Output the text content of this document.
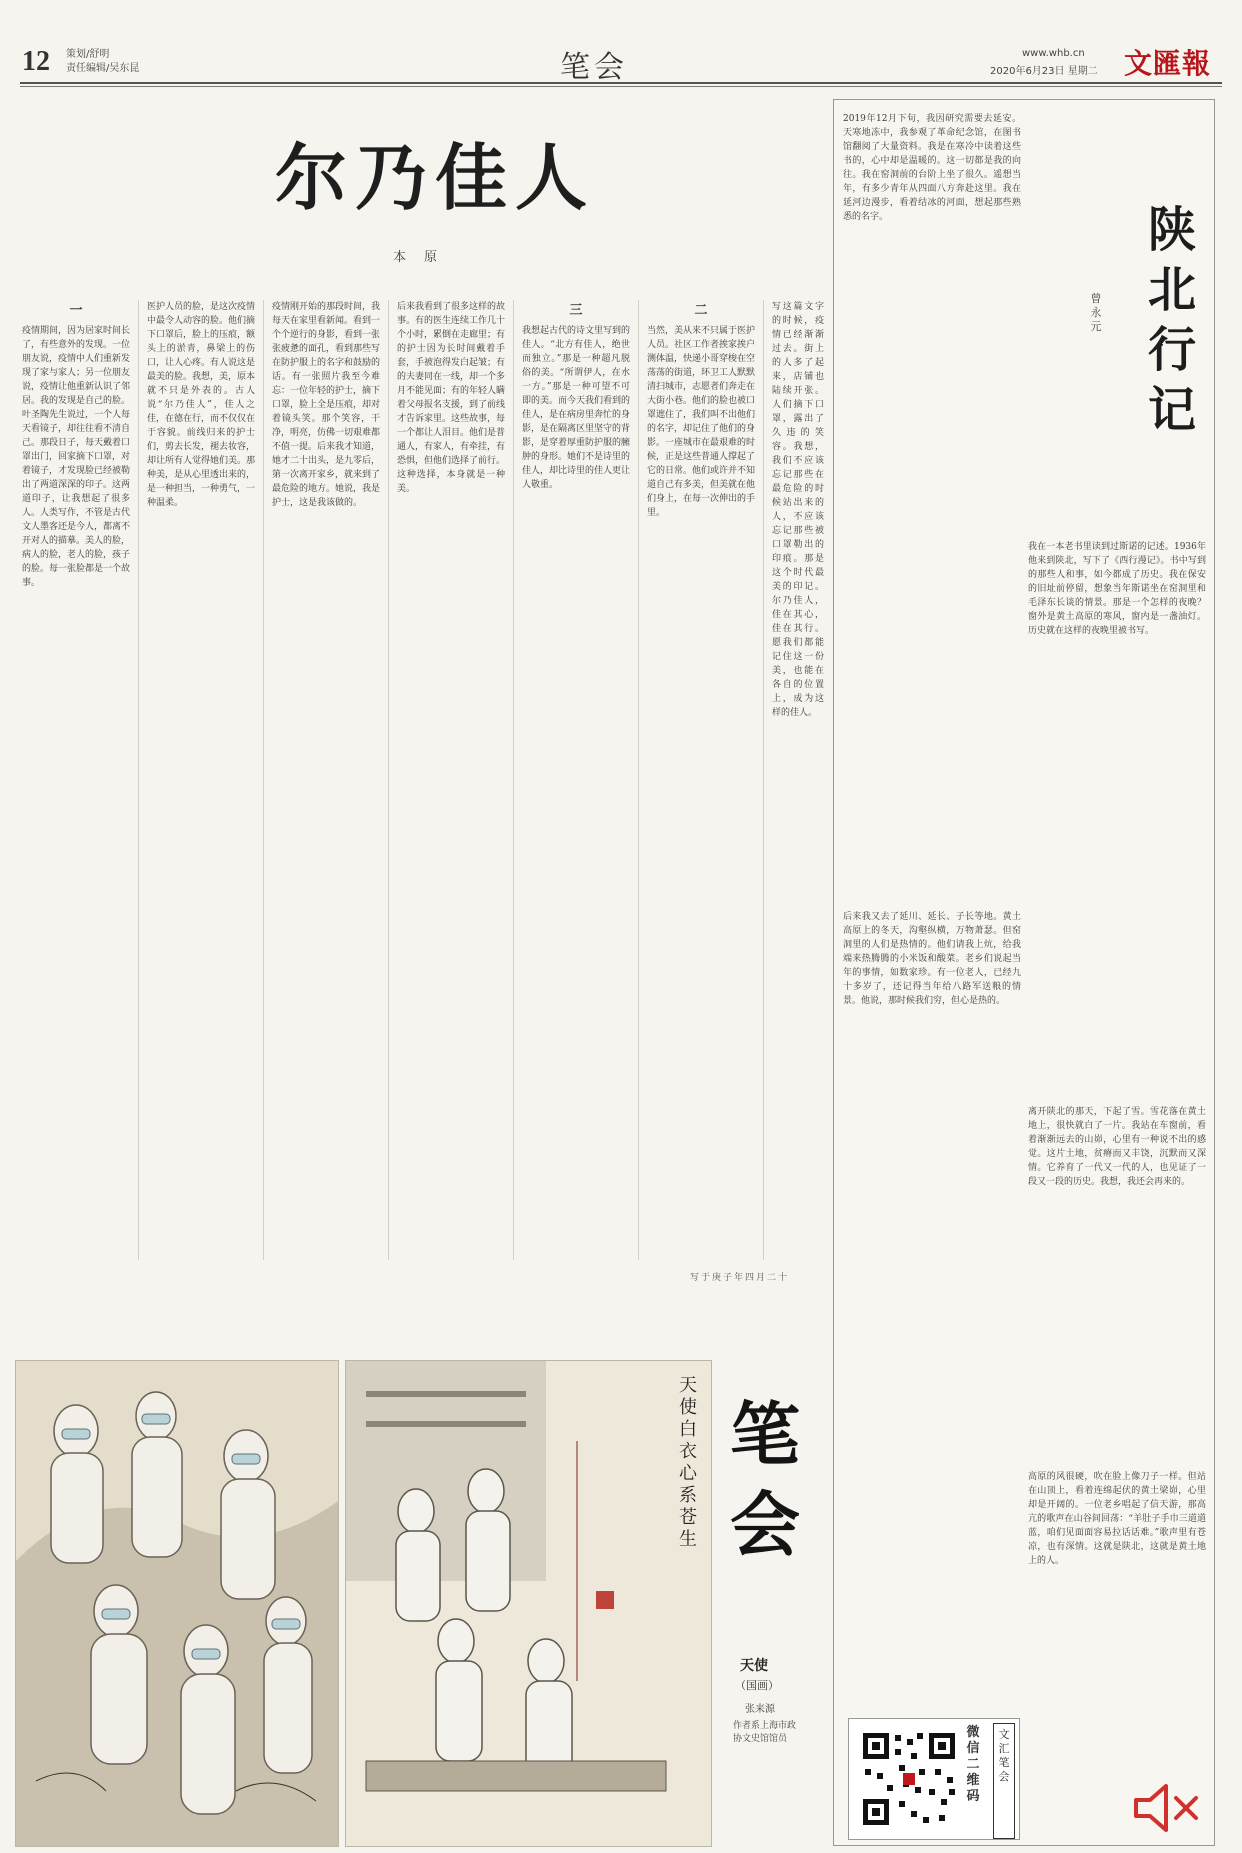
12 策划/舒明
责任编辑/吴东昆	笔会	www.whb.cn
2020年6月23日 星期二 文匯報
尔乃佳人
本原
一
疫情期间，因为居家时间长了，有些意外的发现。一位朋友说，疫情中人们重新发现了家与家人；另一位朋友说，疫情让他重新认识了邻居。我的发现是自己的脸。叶圣陶先生说过，一个人每天看镜子，却往往看不清自己。那段日子，每天戴着口罩出门，回家摘下口罩，对着镜子，才发现脸已经被勒出了两道深深的印子。这两道印子，让我想起了很多人。人类写作，不管是古代文人墨客还是今人，都离不开对人的描摹。美人的脸，病人的脸，老人的脸，孩子的脸。每一张脸都是一个故事。
医护人员的脸，是这次疫情中最令人动容的脸。他们摘下口罩后，脸上的压痕，额头上的淤青，鼻梁上的伤口，让人心疼。有人说这是最美的脸。我想，美，原本就不只是外表的。古人说“尔乃佳人”，佳人之佳，在德在行，而不仅仅在于容貌。前线归来的护士们，剪去长发，褪去妆容，却让所有人觉得她们美。那种美，是从心里透出来的，是一种担当，一种勇气，一种温柔。
疫情刚开始的那段时间，我每天在家里看新闻。看到一个个逆行的身影，看到一张张疲惫的面孔，看到那些写在防护服上的名字和鼓励的话。有一张照片我至今难忘：一位年轻的护士，摘下口罩，脸上全是压痕，却对着镜头笑。那个笑容，干净，明亮，仿佛一切艰难都不值一提。后来我才知道，她才二十出头，是九零后，第一次离开家乡，就来到了最危险的地方。她说，我是护士，这是我该做的。
后来我看到了很多这样的故事。有的医生连续工作几十个小时，累倒在走廊里；有的护士因为长时间戴着手套，手被泡得发白起皱；有的夫妻同在一线，却一个多月不能见面；有的年轻人瞒着父母报名支援，到了前线才告诉家里。这些故事，每一个都让人泪目。他们是普通人，有家人，有牵挂，有恐惧，但他们选择了前行。这种选择，本身就是一种美。
三
我想起古代的诗文里写到的佳人。“北方有佳人，绝世而独立。”那是一种超凡脱俗的美。“所谓伊人，在水一方。”那是一种可望不可即的美。而今天我们看到的佳人，是在病房里奔忙的身影，是在隔离区里坚守的背影，是穿着厚重防护服的臃肿的身形。她们不是诗里的佳人，却比诗里的佳人更让人敬重。
二
当然，美从来不只属于医护人员。社区工作者挨家挨户测体温，快递小哥穿梭在空荡荡的街道，环卫工人默默清扫城市，志愿者们奔走在大街小巷。他们的脸也被口罩遮住了，我们叫不出他们的名字，却记住了他们的身影。一座城市在最艰难的时候，正是这些普通人撑起了它的日常。他们或许并不知道自己有多美，但美就在他们身上，在每一次伸出的手里。
写这篇文字的时候，疫情已经渐渐过去。街上的人多了起来，店铺也陆续开张。人们摘下口罩，露出了久违的笑容。我想，我们不应该忘记那些在最危险的时候站出来的人，不应该忘记那些被口罩勒出的印痕。那是这个时代最美的印记。尔乃佳人，佳在其心，佳在其行。愿我们都能记住这一份美，也能在各自的位置上，成为这样的佳人。
写于庚子年四月二十
陕北行记
曾永元
2019年12月下旬，我因研究需要去延安。天寒地冻中，我参观了革命纪念馆，在图书馆翻阅了大量资料。我是在寒冷中读着这些书的，心中却是温暖的。这一切都是我的向往。我在窑洞前的台阶上坐了很久。遥想当年，有多少青年从四面八方奔赴这里。我在延河边漫步，看着结冰的河面，想起那些熟悉的名字。
后来我又去了延川、延长、子长等地。黄土高原上的冬天，沟壑纵横，万物萧瑟。但窑洞里的人们是热情的。他们请我上炕，给我端来热腾腾的小米饭和酸菜。老乡们说起当年的事情，如数家珍。有一位老人，已经九十多岁了，还记得当年给八路军送粮的情景。他说，那时候我们穷，但心是热的。
我在一本老书里读到过斯诺的记述。1936年他来到陕北，写下了《西行漫记》。书中写到的那些人和事，如今都成了历史。我在保安的旧址前停留，想象当年斯诺坐在窑洞里和毛泽东长谈的情景。那是一个怎样的夜晚？窗外是黄土高原的寒风，窗内是一盏油灯。历史就在这样的夜晚里被书写。
离开陕北的那天，下起了雪。雪花落在黄土地上，很快就白了一片。我站在车窗前，看着渐渐远去的山峁，心里有一种说不出的感觉。这片土地，贫瘠而又丰饶，沉默而又深情。它养育了一代又一代的人，也见证了一段又一段的历史。我想，我还会再来的。
高原的风很硬，吹在脸上像刀子一样。但站在山顶上，看着连绵起伏的黄土梁峁，心里却是开阔的。一位老乡唱起了信天游，那高亢的歌声在山谷间回荡：“羊肚子手巾三道道蓝，咱们见面面容易拉话话难。”歌声里有苍凉，也有深情。这就是陕北，这就是黄土地上的人。
天使白衣心系苍生
笔会
天使
（国画）
张来源
作者系上海市政协文史馆馆员	微信二维码
文汇笔会
